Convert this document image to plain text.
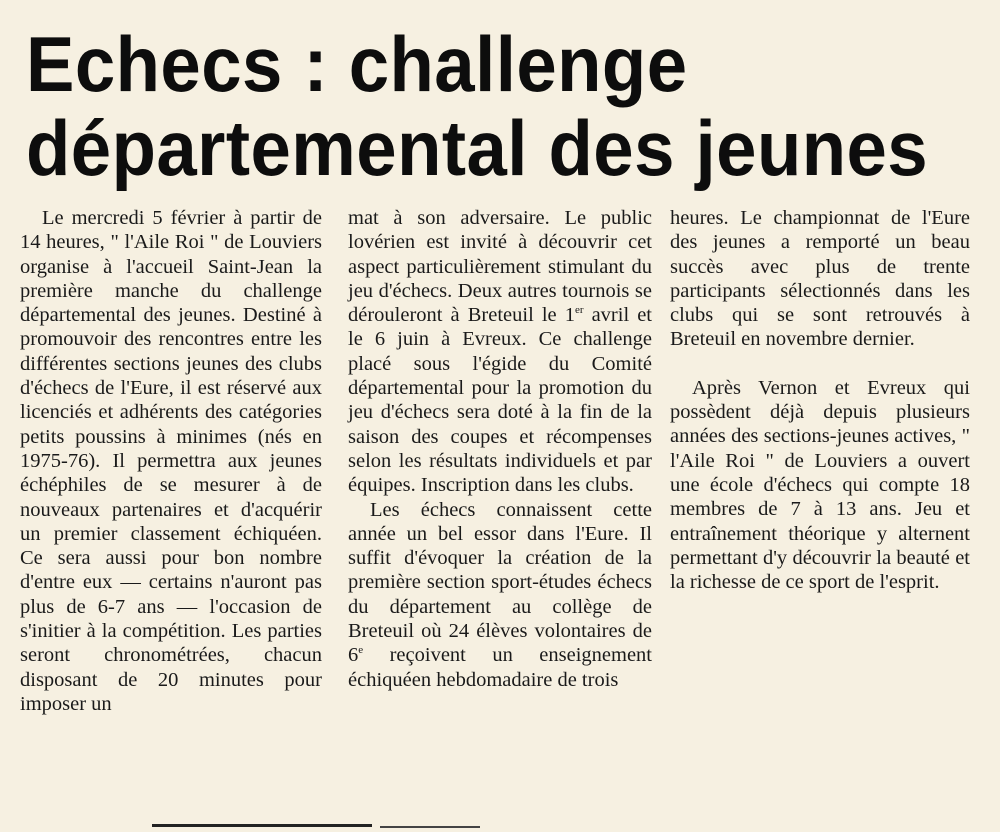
Echecs : challenge
départemental des jeunes

Le mercredi 5 février à partir de 14 heures, " l'Aile Roi " de Louviers organise à l'accueil Saint-Jean la première manche du challenge départemental des jeunes. Destiné à promouvoir des rencontres entre les différentes sections jeunes des clubs d'échecs de l'Eure, il est réservé aux licenciés et adhérents des catégories petits poussins à minimes (nés en 1975-76). Il permettra aux jeunes échéphiles de se mesurer à de nouveaux partenaires et d'acquérir un premier classement échiquéen. Ce sera aussi pour bon nombre d'entre eux — certains n'auront pas plus de 6-7 ans — l'occasion de s'initier à la compétition. Les parties seront chronométrées, chacun disposant de 20 minutes pour imposer un

mat à son adversaire. Le public lovérien est invité à découvrir cet aspect particulièrement stimulant du jeu d'échecs. Deux autres tournois se dérouleront à Breteuil le 1er avril et le 6 juin à Evreux. Ce challenge placé sous l'égide du Comité départemental pour la promotion du jeu d'échecs sera doté à la fin de la saison des coupes et récompenses selon les résultats individuels et par équipes. Inscription dans les clubs.

Les échecs connaissent cette année un bel essor dans l'Eure. Il suffit d'évoquer la création de la première section sport-études échecs du département au collège de Breteuil où 24 élèves volontaires de 6e reçoivent un enseignement échiquéen hebdomadaire de trois

heures. Le championnat de l'Eure des jeunes a remporté un beau succès avec plus de trente participants sélectionnés dans les clubs qui se sont retrouvés à Breteuil en novembre dernier.

Après Vernon et Evreux qui possèdent déjà depuis plusieurs années des sections-jeunes actives, " l'Aile Roi " de Louviers a ouvert une école d'échecs qui compte 18 membres de 7 à 13 ans. Jeu et entraînement théorique y alternent permettant d'y découvrir la beauté et la richesse de ce sport de l'esprit.
